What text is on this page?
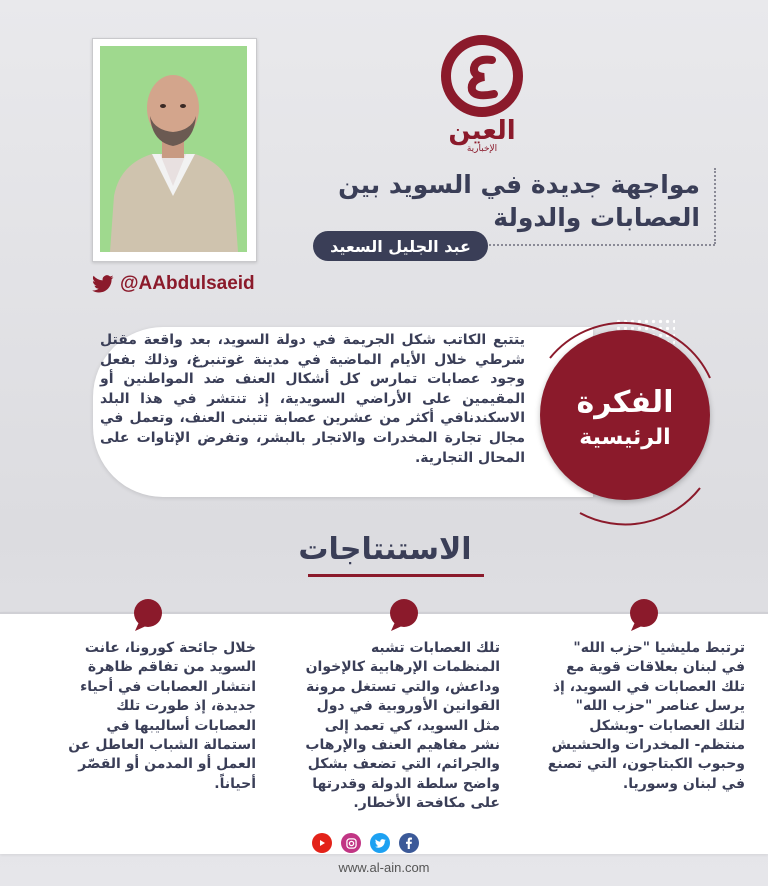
@AAbdulsaeid
العين
الإخبارية
مواجهة جديدة في السويد بين
العصابات والدولة
عبد الجليل السعيد
يتتبع الكاتب شكل الجريمة في دولة السويد، بعد واقعة مقتل شرطي خلال الأيام الماضية في مدينة غوتنبرغ، وذلك بفعل وجود عصابات تمارس كل أشكال العنف ضد المواطنين أو المقيمين على الأراضي السويدية، إذ تنتشر في هذا البلد الاسكندنافي أكثر من عشرين عصابة تتبنى العنف، وتعمل في مجال تجارة المخدرات والاتجار بالبشر، وتفرض الإتاوات على المحال التجارية.
الفكرة
الرئيسية
الاستنتاجات
ترتبط مليشيا "حزب الله" في لبنان بعلاقات قوية مع تلك العصابات في السويد، إذ يرسل عناصر "حزب الله" لتلك العصابات -وبشكل منتظم- المخدرات والحشيش وحبوب الكبتاجون، التي تصنع في لبنان وسوريا.
تلك العصابات تشبه المنظمات الإرهابية كالإخوان وداعش، والتي تستغل مرونة القوانين الأوروبية في دول مثل السويد، كي تعمد إلى نشر مفاهيم العنف والإرهاب والجرائم، التي تضعف بشكل واضح سلطة الدولة وقدرتها على مكافحة الأخطار.
خلال جائحة كورونا، عانت السويد من تفاقم ظاهرة انتشار العصابات في أحياء جديدة، إذ طورت تلك العصابات أساليبها في استمالة الشباب العاطل عن العمل أو المدمن أو القصّر أحياناً.
www.al-ain.com
